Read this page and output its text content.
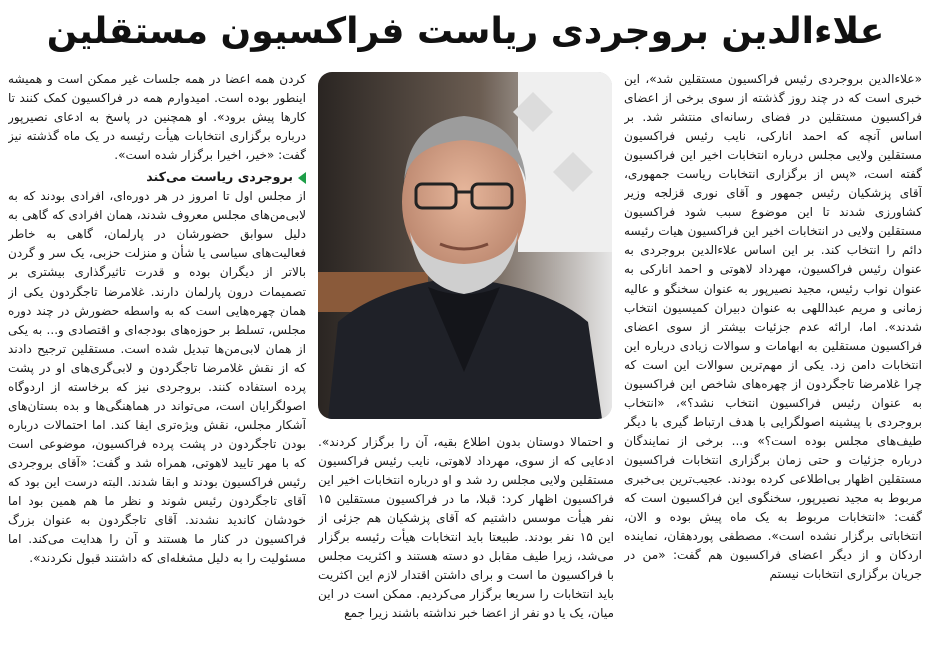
علاءالدین بروجردی ریاست فراکسیون مستقلین

«علاءالدین بروجردی رئیس فراکسیون مستقلین شد»، این خبری است که در چند روز گذشته از سوی برخی از اعضای فراکسیون مستقلین در فضای رسانه‌ای منتشر شد. بر اساس آنچه که احمد انارکی، نایب رئیس فراکسیون مستقلین ولایی مجلس درباره انتخابات اخیر این فراکسیون گفته است، «پس از برگزاری انتخابات ریاست جمهوری، آقای پزشکیان رئیس جمهور و آقای نوری قزلجه وزیر کشاورزی شدند تا این موضوع سبب شود فراکسیون مستقلین ولایی در انتخابات اخیر این فراکسیون هیات رئیسه دائم را انتخاب کند. بر این اساس علاءالدین بروجردی به عنوان رئیس فراکسیون، مهرداد لاهوتی و احمد انارکی به عنوان نواب رئیس، مجید نصیرپور به عنوان سخنگو و عالیه زمانی و مریم عبداللهی به عنوان دبیران کمیسیون انتخاب شدند». اما، ارائه عدم جزئیات بیشتر از سوی اعضای فراکسیون مستقلین به ابهامات و سوالات زیادی درباره این انتخابات دامن زد. یکی از مهم‌ترین سوالات این است که چرا غلامرضا تاجگردون از چهره‌های شاخص این فراکسیون به عنوان رئیس فراکسیون انتخاب نشد؟»، «انتخاب بروجردی با پیشینه اصولگرایی با هدف ارتباط گیری با دیگر طیف‌های مجلس بوده است؟» و... برخی از نمایندگان درباره جزئیات و حتی زمان برگزاری انتخابات فراکسیون مستقلین اظهار بی‌اطلاعی کرده بودند. عجیب‌ترین بی‌خبری مربوط به مجید نصیرپور، سخنگوی این فراکسیون است که گفت: «انتخابات مربوط به یک ماه پیش بوده و الان، انتخاباتی برگزار نشده است». مصطفی پوردهقان، نماینده اردکان و از دیگر اعضای فراکسیون هم گفت: «من در جریان برگزاری انتخابات نیستم

و احتمالا دوستان بدون اطلاع بقیه، آن را برگزار کردند». ادعایی که از سوی، مهرداد لاهوتی، نایب رئیس فراکسیون مستقلین ولایی مجلس رد شد و او درباره انتخابات اخیر این فراکسیون اظهار کرد: قبلا، ما در فراکسیون مستقلین ۱۵ نفر هیأت موسس داشتیم که آقای پزشکیان هم جزئی از این ۱۵ نفر بودند. طبیعتا باید انتخابات هیأت رئیسه برگزار می‌شد، زیرا طیف مقابل دو دسته هستند و اکثریت مجلس با فراکسیون ما است و برای داشتن اقتدار لازم این اکثریت باید انتخابات را سریعا برگزار می‌کردیم. ممکن است در این میان، یک یا دو نفر از اعضا خبر نداشته باشند زیرا جمع

کردن همه اعضا در همه جلسات غیر ممکن است و همیشه اینطور بوده است. امیدوارم همه در فراکسیون کمک کنند تا کارها پیش برود». او همچنین در پاسخ به ادعای نصیرپور درباره برگزاری انتخابات هیأت رئیسه در یک ماه گذشته نیز گفت: «خیر، اخیرا برگزار شده است».

بروجردی ریاست می‌کند

از مجلس اول تا امروز در هر دوره‌ای، افرادی بودند که به لابی‌من‌های مجلس معروف شدند، همان افرادی که گاهی به دلیل سوابق حضورشان در پارلمان، گاهی به خاطر فعالیت‌های سیاسی یا شأن و منزلت حزبی، یک سر و گردن بالاتر از دیگران بوده و قدرت تاثیرگذاری بیشتری بر تصمیمات درون پارلمان دارند. غلامرضا تاجگردون یکی از همان چهره‌هایی است که به واسطه حضورش در چند دوره مجلس، تسلط بر حوزه‌های بودجه‌ای و اقتصادی و... به یکی از همان لابی‌من‌ها تبدیل شده است. مستقلین ترجیح دادند که از نقش غلامرضا تاجگردون و لابی‌گری‌های او در پشت پرده استفاده کنند. بروجردی نیز که برخاسته از اردوگاه اصولگرایان است، می‌تواند در هماهنگی‌ها و بده بستان‌های آشکار مجلس، نقش ویژه‌تری ایفا کند. اما احتمالات درباره بودن تاجگردون در پشت پرده فراکسیون، موضوعی است که با مهر تایید لاهوتی، همراه شد و گفت: «آقای بروجردی رئیس فراکسیون بودند و ابقا شدند. البته درست این بود که آقای تاجگردون رئیس شوند و نظر ما هم همین بود اما خودشان کاندید نشدند. آقای تاجگردون به عنوان بزرگ فراکسیون در کنار ما هستند و آن را هدایت می‌کند. اما مسئولیت را به دلیل مشغله‌ای که داشتند قبول نکردند».
